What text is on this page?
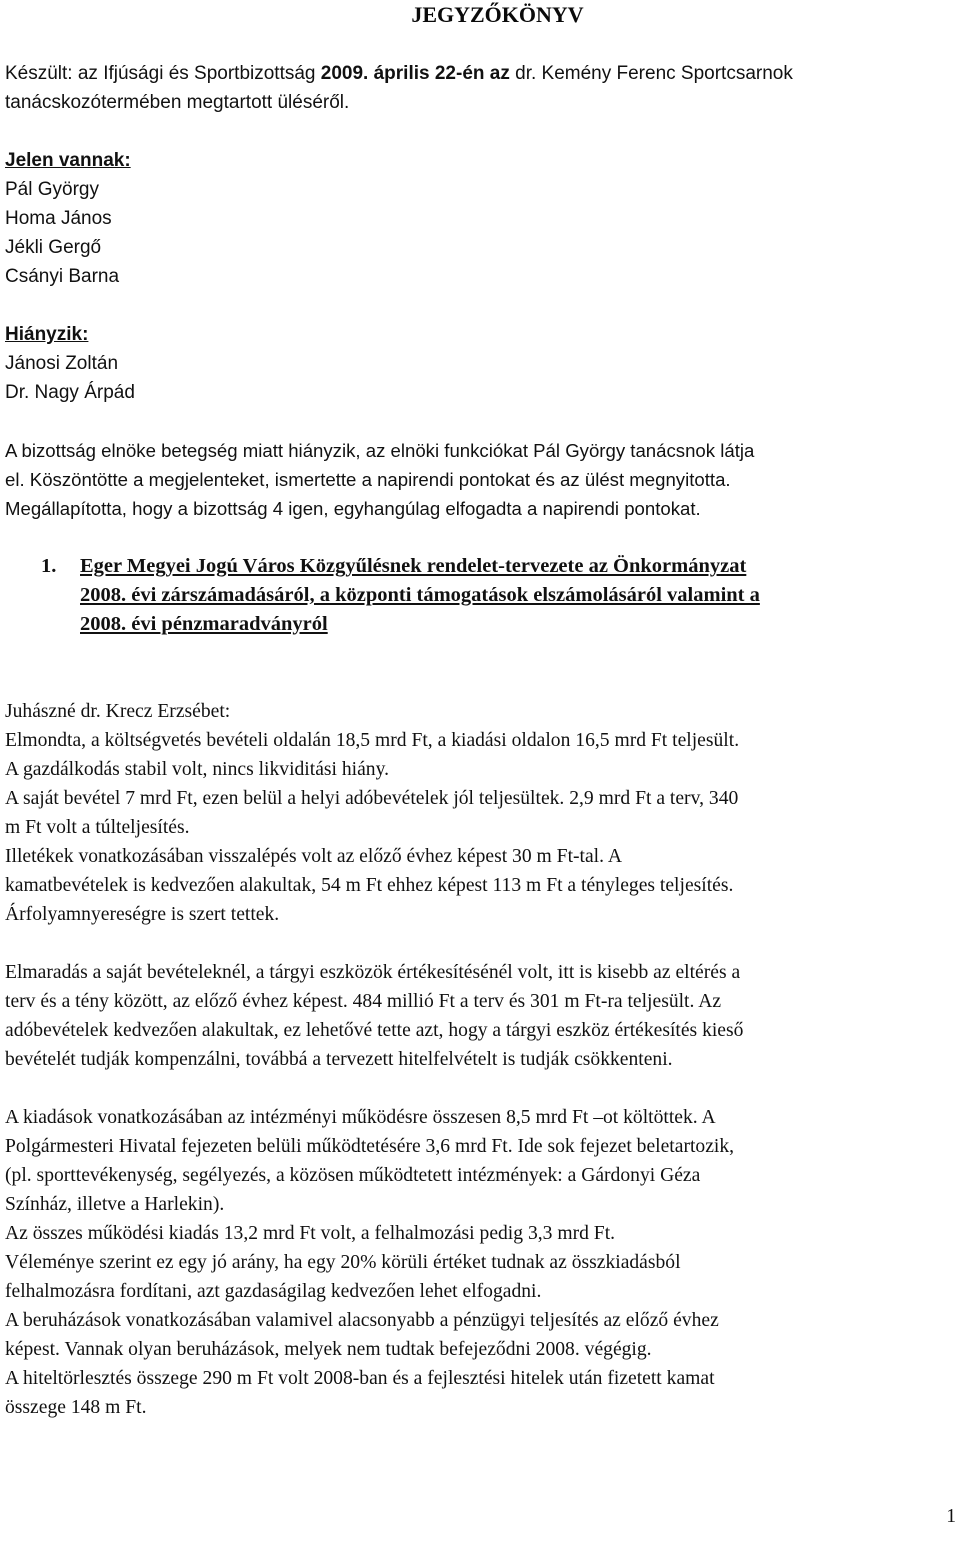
JEGYZŐKÖNYV
Készült: az Ifjúsági és Sportbizottság 2009. április 22-én az dr. Kemény Ferenc Sportcsarnok
tanácskozótermében megtartott üléséről.
Jelen vannak:
Pál György
Homa János
Jékli Gergő
Csányi Barna
Hiányzik:
Jánosi Zoltán
Dr. Nagy Árpád
A bizottság elnöke betegség miatt hiányzik, az elnöki funkciókat Pál György tanácsnok látja
el. Köszöntötte a megjelenteket, ismertette a napirendi pontokat és az ülést megnyitotta.
Megállapította, hogy a bizottság 4 igen, egyhangúlag elfogadta a napirendi pontokat.
1.	Eger Megyei Jogú Város Közgyűlésnek rendelet-tervezete az Önkormányzat
2008. évi zárszámadásáról, a központi támogatások elszámolásáról valamint a
2008. évi pénzmaradványról
Juhászné dr. Krecz Erzsébet:
Elmondta, a költségvetés bevételi oldalán 18,5 mrd Ft, a kiadási oldalon 16,5 mrd Ft teljesült.
A gazdálkodás stabil volt, nincs likviditási hiány.
A saját bevétel 7 mrd Ft, ezen belül a helyi adóbevételek jól teljesültek. 2,9 mrd Ft a terv, 340
m Ft volt a túlteljesítés.
Illetékek vonatkozásában visszalépés volt az előző évhez képest 30 m Ft-tal. A
kamatbevételek is kedvezően alakultak, 54 m Ft ehhez képest 113 m Ft a tényleges teljesítés.
Árfolyamnyereségre is szert tettek.
Elmaradás a saját bevételeknél, a tárgyi eszközök értékesítésénél volt, itt is kisebb az eltérés a
terv és a tény között, az előző évhez képest. 484 millió Ft a terv és 301 m Ft-ra teljesült. Az
adóbevételek kedvezően alakultak, ez lehetővé tette azt, hogy a tárgyi eszköz értékesítés kieső
bevételét tudják kompenzálni, továbbá a tervezett hitelfelvételt is tudják csökkenteni.
A kiadások vonatkozásában az intézményi működésre összesen 8,5 mrd Ft –ot költöttek. A
Polgármesteri Hivatal fejezeten belüli működtetésére 3,6 mrd Ft. Ide sok fejezet beletartozik,
(pl. sporttevékenység, segélyezés, a közösen működtetett intézmények: a Gárdonyi Géza
Színház, illetve a Harlekin).
Az összes működési kiadás 13,2 mrd Ft volt, a felhalmozási pedig 3,3 mrd Ft.
Véleménye szerint ez egy jó arány, ha egy 20% körüli értéket tudnak az összkiadásból
felhalmozásra fordítani, azt gazdaságilag kedvezően lehet elfogadni.
A beruházások vonatkozásában valamivel alacsonyabb a pénzügyi teljesítés az előző évhez
képest. Vannak olyan beruházások, melyek nem tudtak befejeződni 2008. végégig.
A hiteltörlesztés összege 290 m Ft volt 2008-ban és a fejlesztési hitelek után fizetett kamat
összege 148 m Ft.
1
